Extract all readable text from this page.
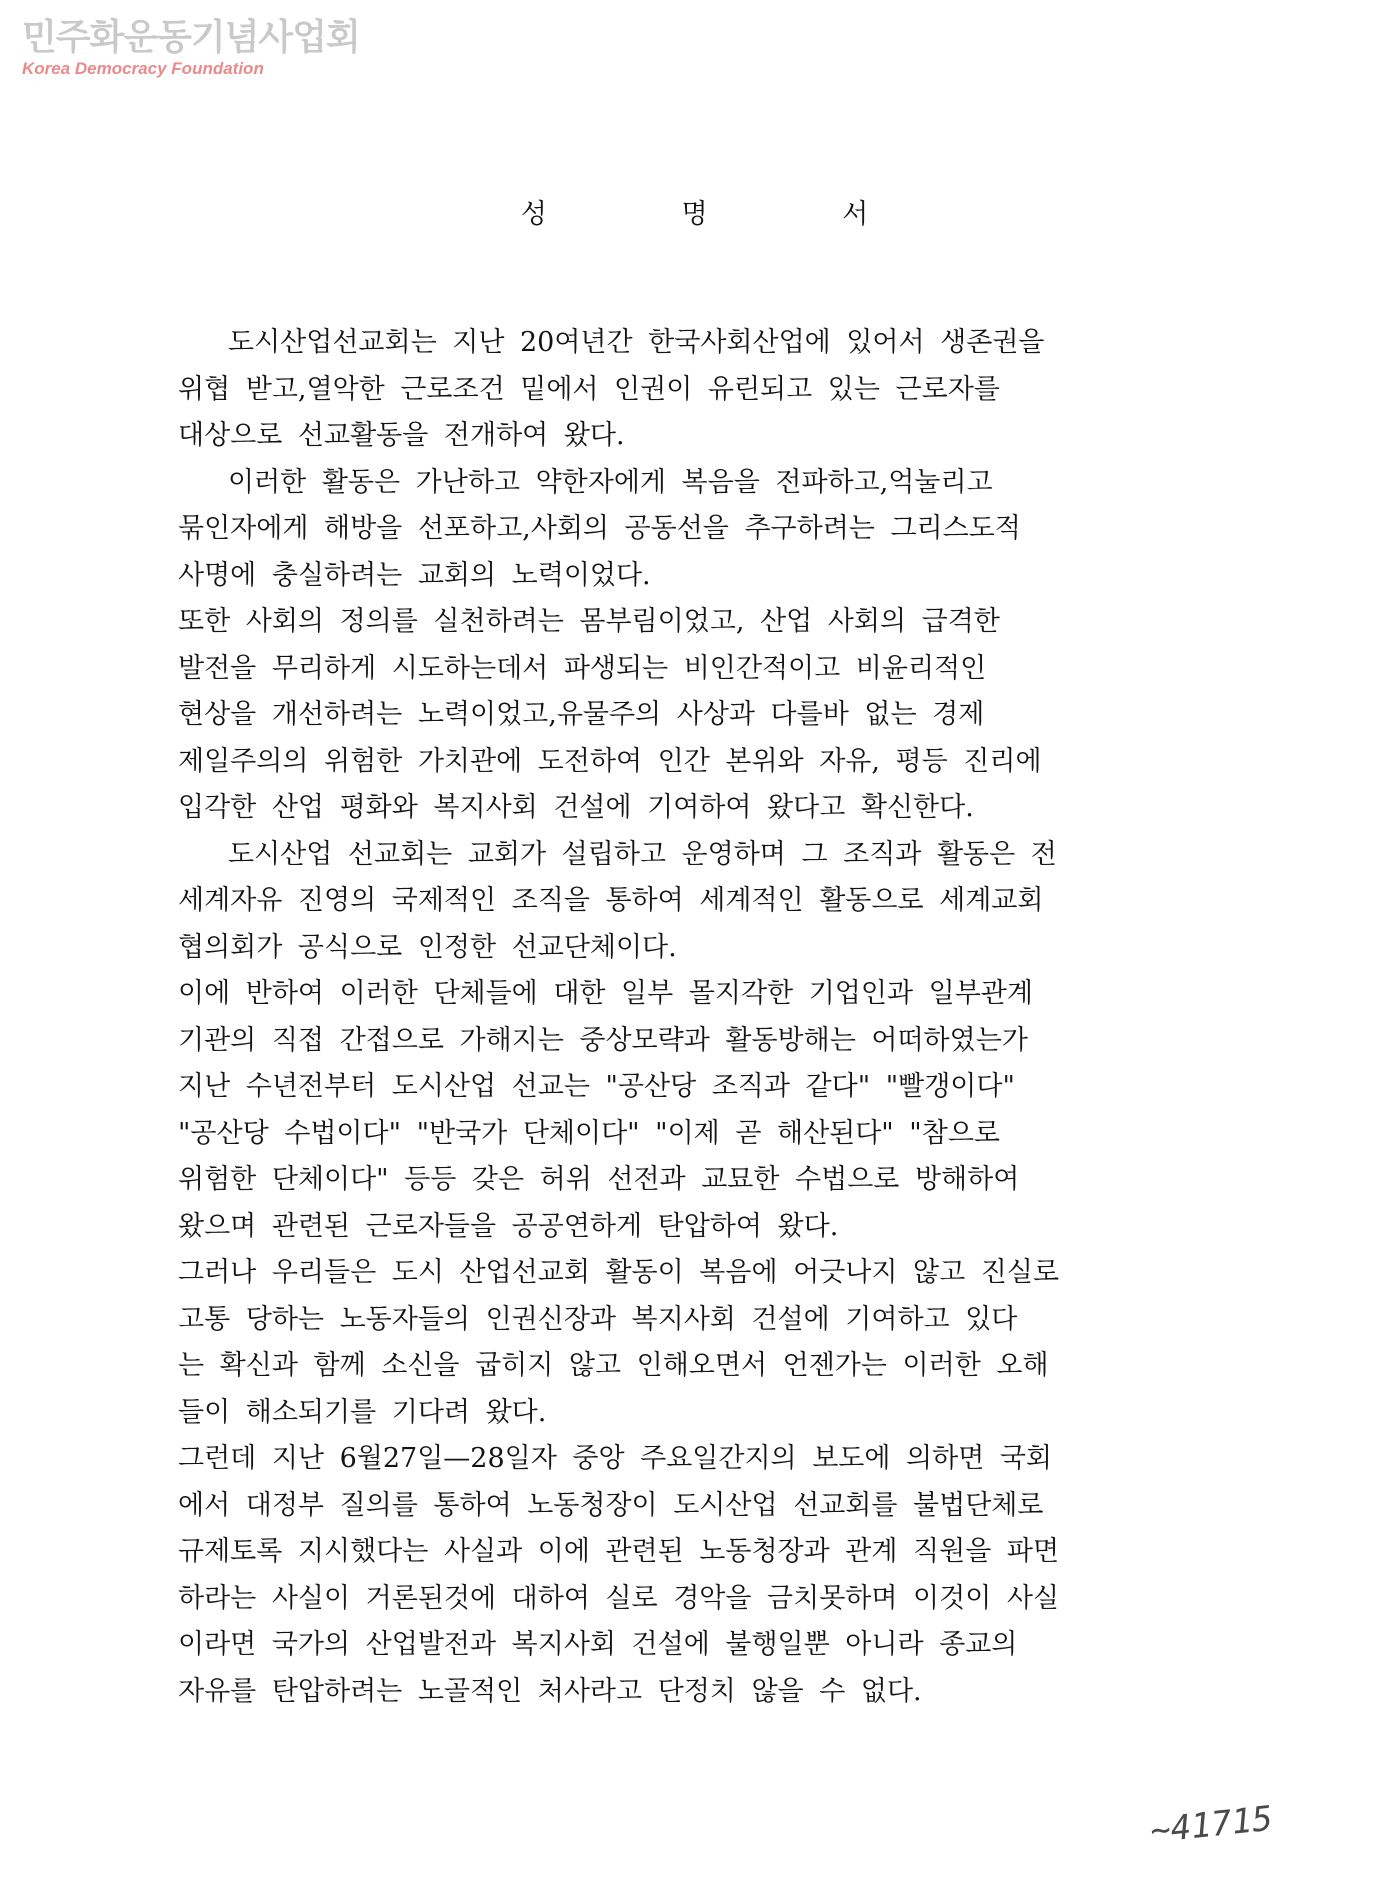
민주화운동기념사업회
Korea Democracy Foundation
성	명	서
도시산업선교회는 지난 20여년간 한국사회산업에 있어서 생존권을
위협 받고,열악한 근로조건 밑에서 인권이 유린되고 있는 근로자를
대상으로 선교활동을 전개하여 왔다.
이러한 활동은 가난하고 약한자에게 복음을 전파하고,억눌리고
묶인자에게 해방을 선포하고,사회의 공동선을 추구하려는 그리스도적
사명에 충실하려는 교회의 노력이었다.
또한 사회의 정의를 실천하려는 몸부림이었고, 산업 사회의 급격한
발전을 무리하게 시도하는데서 파생되는 비인간적이고 비윤리적인
현상을 개선하려는 노력이었고,유물주의 사상과 다를바 없는 경제
제일주의의 위험한 가치관에 도전하여 인간 본위와 자유, 평등 진리에
입각한 산업 평화와 복지사회 건설에 기여하여 왔다고 확신한다.
도시산업 선교회는 교회가 설립하고 운영하며 그 조직과 활동은 전
세계자유 진영의 국제적인 조직을 통하여 세계적인 활동으로 세계교회
협의회가 공식으로 인정한 선교단체이다.
이에 반하여 이러한 단체들에 대한 일부 몰지각한 기업인과 일부관계
기관의 직접 간접으로 가해지는 중상모략과 활동방해는 어떠하였는가
지난 수년전부터 도시산업 선교는 "공산당 조직과 같다" "빨갱이다"
"공산당 수법이다" "반국가 단체이다" "이제 곧 해산된다" "참으로
위험한 단체이다" 등등 갖은 허위 선전과 교묘한 수법으로 방해하여
왔으며 관련된 근로자들을 공공연하게 탄압하여 왔다.
그러나 우리들은 도시 산업선교회 활동이 복음에 어긋나지 않고 진실로
고통 당하는 노동자들의 인권신장과 복지사회 건설에 기여하고 있다
는 확신과 함께 소신을 굽히지 않고 인해오면서 언젠가는 이러한 오해
들이 해소되기를 기다려 왔다.
그런데 지난 6월27일—28일자 중앙 주요일간지의 보도에 의하면 국회
에서 대정부 질의를 통하여 노동청장이 도시산업 선교회를 불법단체로
규제토록 지시했다는 사실과 이에 관련된 노동청장과 관계 직원을 파면
하라는 사실이 거론된것에 대하여 실로 경악을 금치못하며 이것이 사실
이라면 국가의 산업발전과 복지사회 건설에 불행일뿐 아니라 종교의
자유를 탄압하려는 노골적인 처사라고 단정치 않을 수 없다.
~41715
